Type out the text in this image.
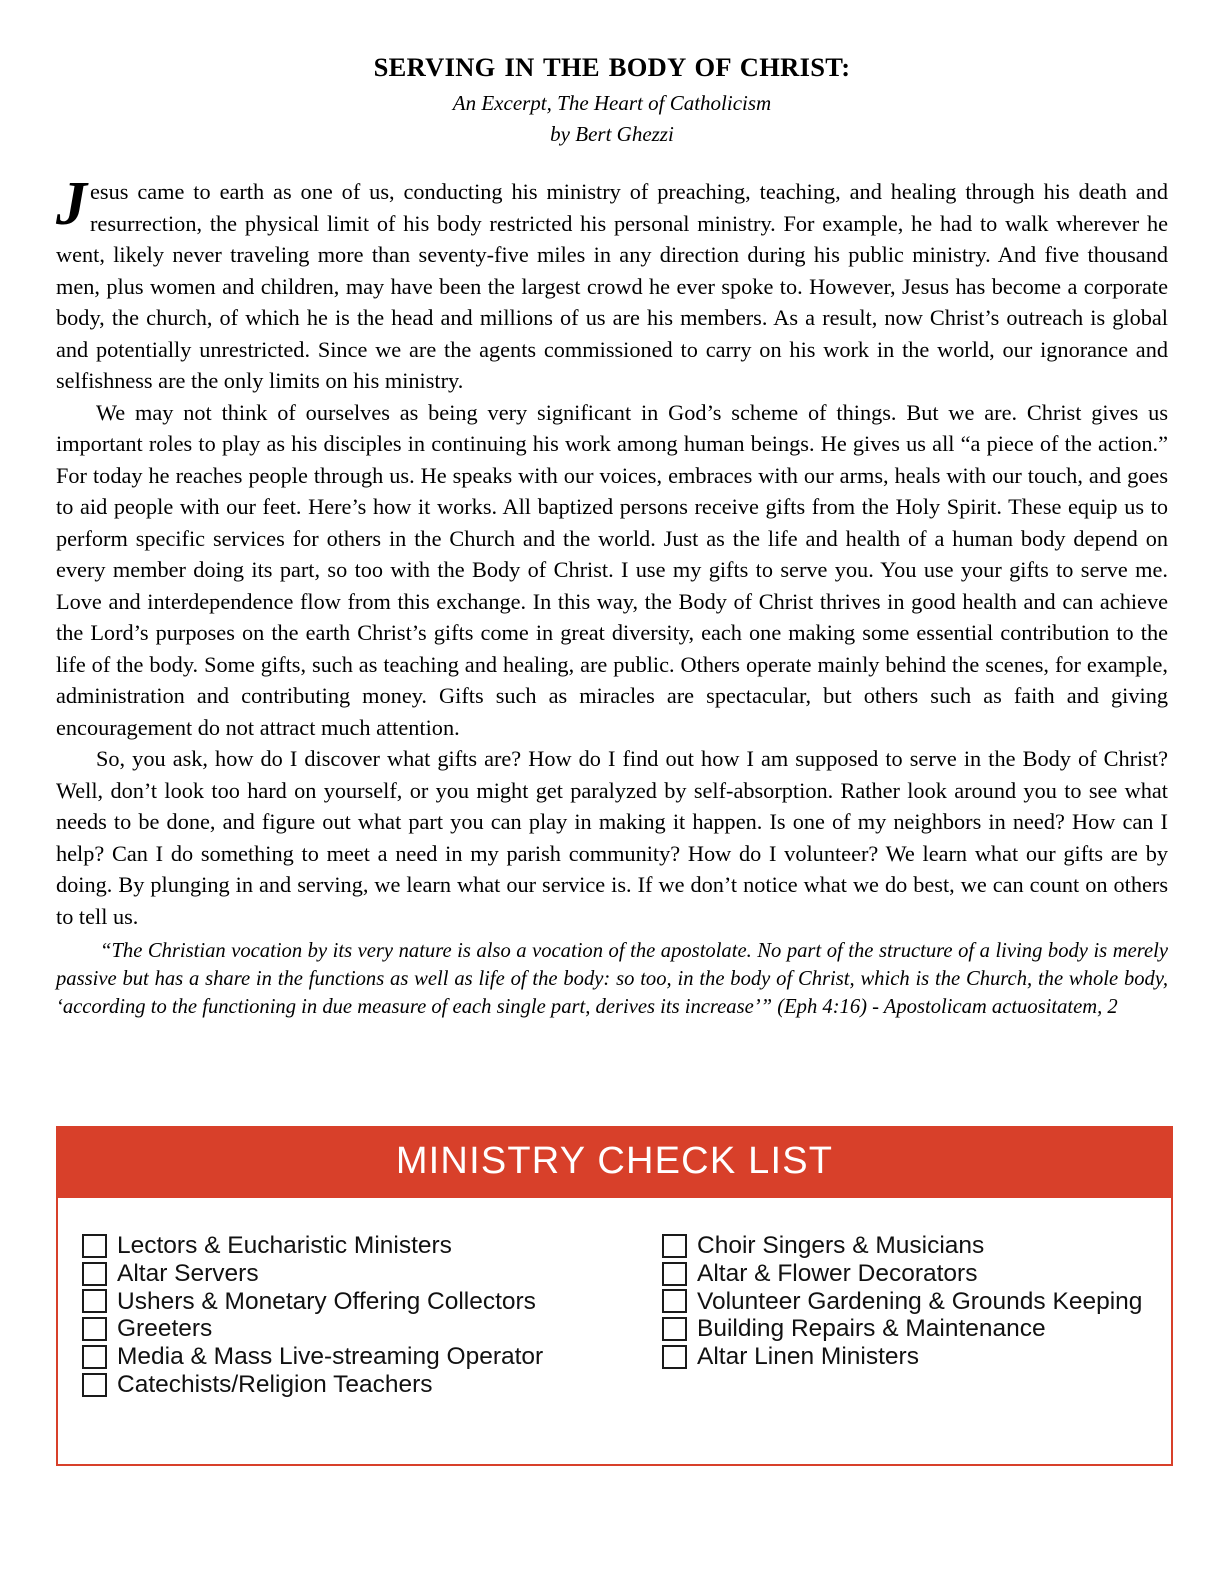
SERVING IN THE BODY OF CHRIST:
An Excerpt, The Heart of Catholicism
by Bert Ghezzi

Jesus came to earth as one of us, conducting his ministry of preaching, teaching, and healing through his death and resurrection, the physical limit of his body restricted his personal ministry. For example, he had to walk wherever he went, likely never traveling more than seventy-five miles in any direction during his public ministry. And five thousand men, plus women and children, may have been the largest crowd he ever spoke to. However, Jesus has become a corporate body, the church, of which he is the head and millions of us are his members. As a result, now Christ’s outreach is global and potentially unrestricted. Since we are the agents commissioned to carry on his work in the world, our ignorance and selfishness are the only limits on his ministry.

We may not think of ourselves as being very significant in God’s scheme of things. But we are. Christ gives us important roles to play as his disciples in continuing his work among human beings. He gives us all “a piece of the action.” For today he reaches people through us. He speaks with our voices, embraces with our arms, heals with our touch, and goes to aid people with our feet. Here’s how it works. All baptized persons receive gifts from the Holy Spirit. These equip us to perform specific services for others in the Church and the world. Just as the life and health of a human body depend on every member doing its part, so too with the Body of Christ. I use my gifts to serve you. You use your gifts to serve me. Love and interdependence flow from this exchange. In this way, the Body of Christ thrives in good health and can achieve the Lord’s purposes on the earth Christ’s gifts come in great diversity, each one making some essential contribution to the life of the body. Some gifts, such as teaching and healing, are public. Others operate mainly behind the scenes, for example, administration and contributing money. Gifts such as miracles are spectacular, but others such as faith and giving encouragement do not attract much attention.

So, you ask, how do I discover what gifts are? How do I find out how I am supposed to serve in the Body of Christ? Well, don’t look too hard on yourself, or you might get paralyzed by self-absorption. Rather look around you to see what needs to be done, and figure out what part you can play in making it happen. Is one of my neighbors in need? How can I help? Can I do something to meet a need in my parish community? How do I volunteer? We learn what our gifts are by doing. By plunging in and serving, we learn what our service is. If we don’t notice what we do best, we can count on others to tell us.

“The Christian vocation by its very nature is also a vocation of the apostolate. No part of the structure of a living body is merely passive but has a share in the functions as well as life of the body: so too, in the body of Christ, which is the Church, the whole body, ‘according to the functioning in due measure of each single part, derives its increase’” (Eph 4:16) - Apostolicam actuositatem, 2

MINISTRY CHECK LIST
Lectors & Eucharistic Ministers
Altar Servers
Ushers & Monetary Offering Collectors
Greeters
Media & Mass Live-streaming Operator
Catechists/Religion Teachers
Choir Singers & Musicians
Altar & Flower Decorators
Volunteer Gardening & Grounds Keeping
Building Repairs & Maintenance
Altar Linen Ministers
